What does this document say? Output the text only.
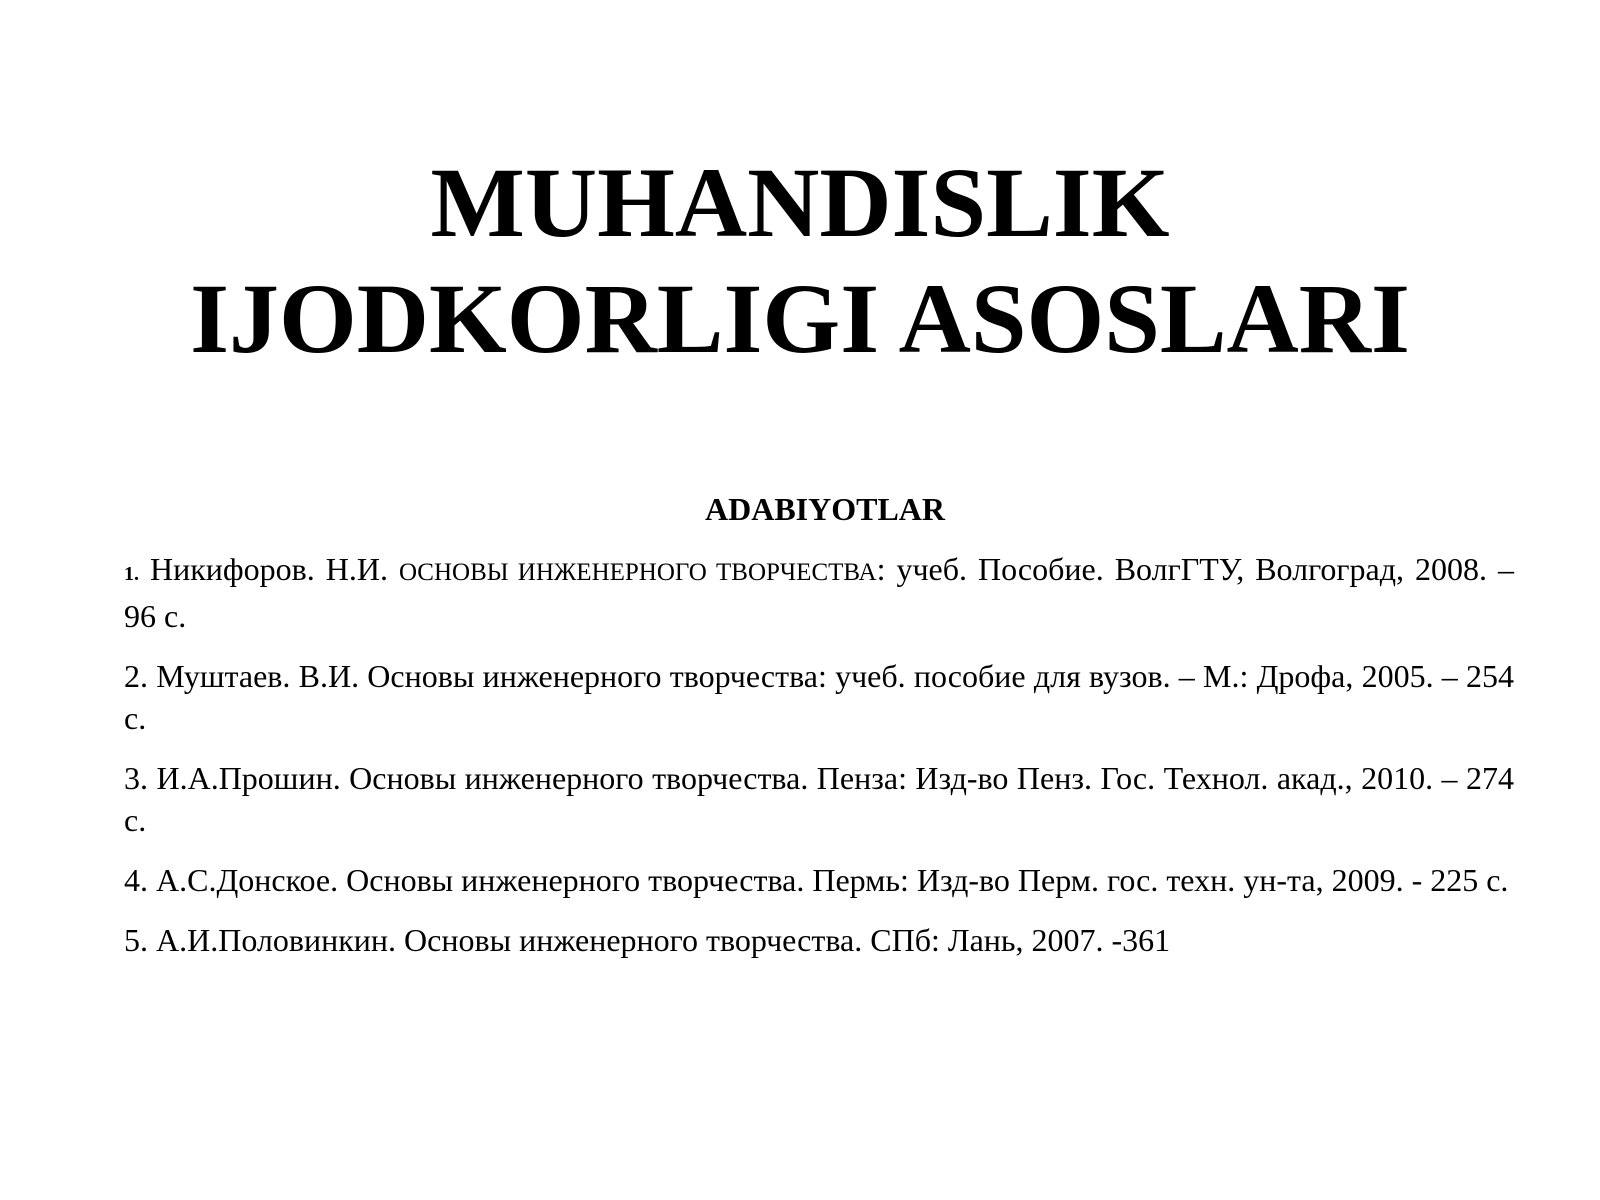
MUHANDISLIK
IJODKORLIGI ASOSLARI
ADABIYOTLAR
1. Никифоров. Н.И. ОСНОВЫ ИНЖЕНЕРНОГО ТВОРЧЕСТВА: учеб. Пособие. ВолгГТУ, Волгоград, 2008. – 96 с.
2. Муштаев. В.И. Основы инженерного творчества: учеб. пособие для вузов. – М.: Дрофа, 2005. – 254 с.
3. И.А.Прошин. Основы инженерного творчества. Пенза: Изд-во Пенз. Гос. Технол. акад., 2010. – 274 с.
4. А.С.Донское. Основы инженерного творчества. Пермь: Изд-во Перм. гос. техн. ун-та, 2009. - 225 с.
5. А.И.Половинкин. Основы инженерного творчества. СПб: Лань, 2007. -361
